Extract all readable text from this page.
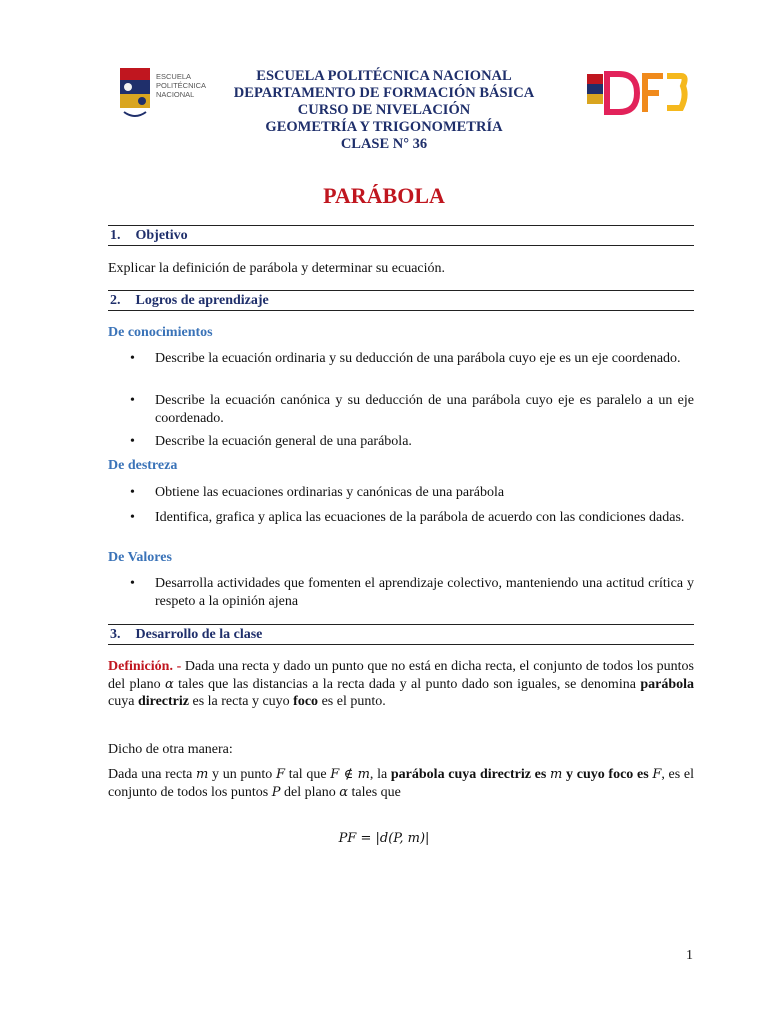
ESCUELA
POLITÉCNICA
NACIONAL
ESCUELA POLITÉCNICA NACIONAL
DEPARTAMENTO DE FORMACIÓN BÁSICA
CURSO DE NIVELACIÓN
GEOMETRÍA Y TRIGONOMETRÍA
CLASE N° 36
PARÁBOLA
1. Objetivo
Explicar la definición de parábola y determinar su ecuación.
2. Logros de aprendizaje
De conocimientos
• Describe la ecuación ordinaria y su deducción de una parábola cuyo eje es un eje coordenado.
• Describe la ecuación canónica y su deducción de una parábola cuyo eje es paralelo a un eje coordenado.
• Describe la ecuación general de una parábola.
De destreza
• Obtiene las ecuaciones ordinarias y canónicas de una parábola
• Identifica, grafica y aplica las ecuaciones de la parábola de acuerdo con las condiciones dadas.
De Valores
• Desarrolla actividades que fomenten el aprendizaje colectivo, manteniendo una actitud crítica y respeto a la opinión ajena
3. Desarrollo de la clase
Definición. - Dada una recta y dado un punto que no está en dicha recta, el conjunto de todos los puntos del plano α tales que las distancias a la recta dada y al punto dado son iguales, se denomina parábola cuya directriz es la recta y cuyo foco es el punto.
Dicho de otra manera:
Dada una recta m y un punto F tal que F ∉ m, la parábola cuya directriz es m y cuyo foco es F, es el conjunto de todos los puntos P del plano α tales que
PF = |d(P, m)|
1
